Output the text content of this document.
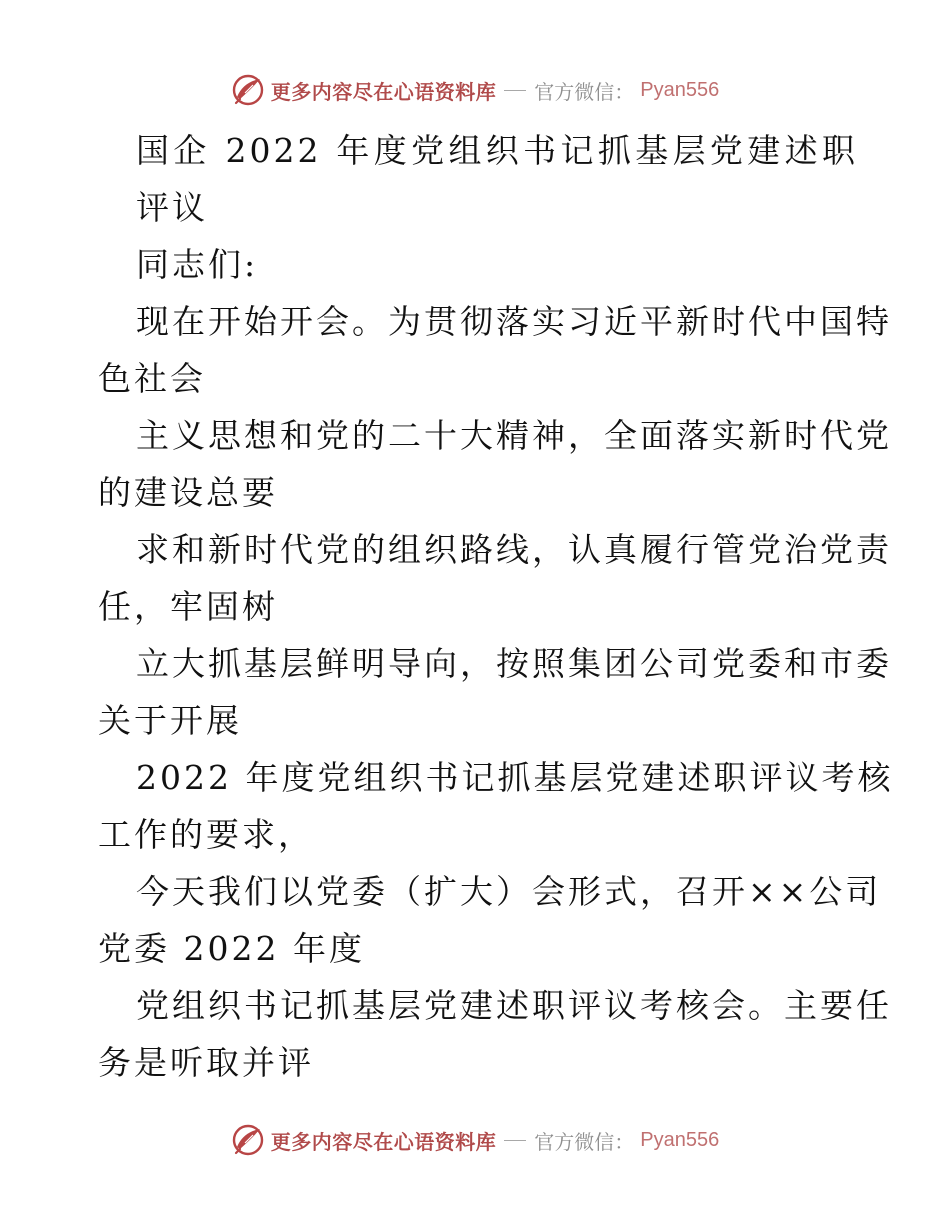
更多内容尽在心语资料库 官方微信： Pyan556
国企 2022 年度党组织书记抓基层党建述职
评议
同志们:
现在开始开会。为贯彻落实习近平新时代中国特
色社会
主义思想和党的二十大精神，全面落实新时代党
的建设总要
求和新时代党的组织路线，认真履行管党治党责
任，牢固树
立大抓基层鲜明导向，按照集团公司党委和市委
关于开展
2022 年度党组织书记抓基层党建述职评议考核
工作的要求，
今天我们以党委（扩大）会形式，召开××公司
党委 2022 年度
党组织书记抓基层党建述职评议考核会。主要任
务是听取并评
更多内容尽在心语资料库 官方微信： Pyan556
